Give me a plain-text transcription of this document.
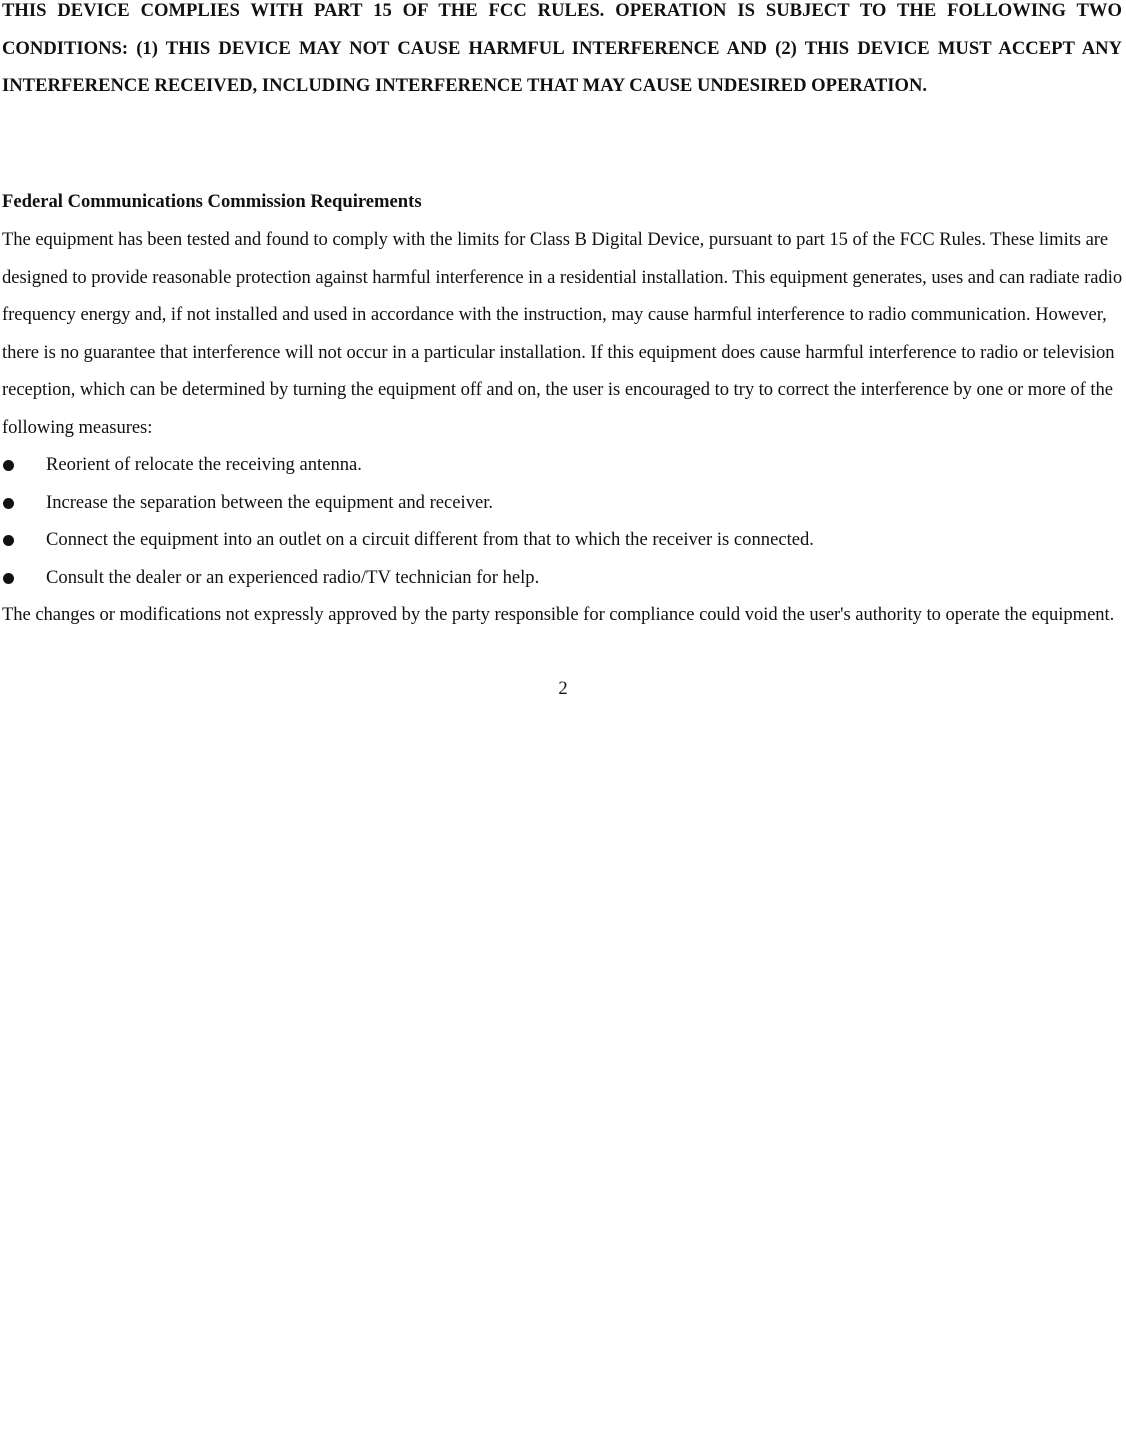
THIS DEVICE COMPLIES WITH PART 15 OF THE FCC RULES. OPERATION IS SUBJECT TO THE FOLLOWING TWO CONDITIONS: (1) THIS DEVICE MAY NOT CAUSE HARMFUL INTERFERENCE AND (2) THIS DEVICE MUST ACCEPT ANY INTERFERENCE RECEIVED, INCLUDING INTERFERENCE THAT MAY CAUSE UNDESIRED OPERATION.

Federal Communications Commission Requirements

The equipment has been tested and found to comply with the limits for Class B Digital Device, pursuant to part 15 of the FCC Rules. These limits are designed to provide reasonable protection against harmful interference in a residential installation. This equipment generates, uses and can radiate radio frequency energy and, if not installed and used in accordance with the instruction, may cause harmful interference to radio communication. However, there is no guarantee that interference will not occur in a particular installation. If this equipment does cause harmful interference to radio or television reception, which can be determined by turning the equipment off and on, the user is encouraged to try to correct the interference by one or more of the following measures:

Reorient of relocate the receiving antenna.
Increase the separation between the equipment and receiver.
Connect the equipment into an outlet on a circuit different from that to which the receiver is connected.
Consult the dealer or an experienced radio/TV technician for help.

The changes or modifications not expressly approved by the party responsible for compliance could void the user's authority to operate the equipment.

2
